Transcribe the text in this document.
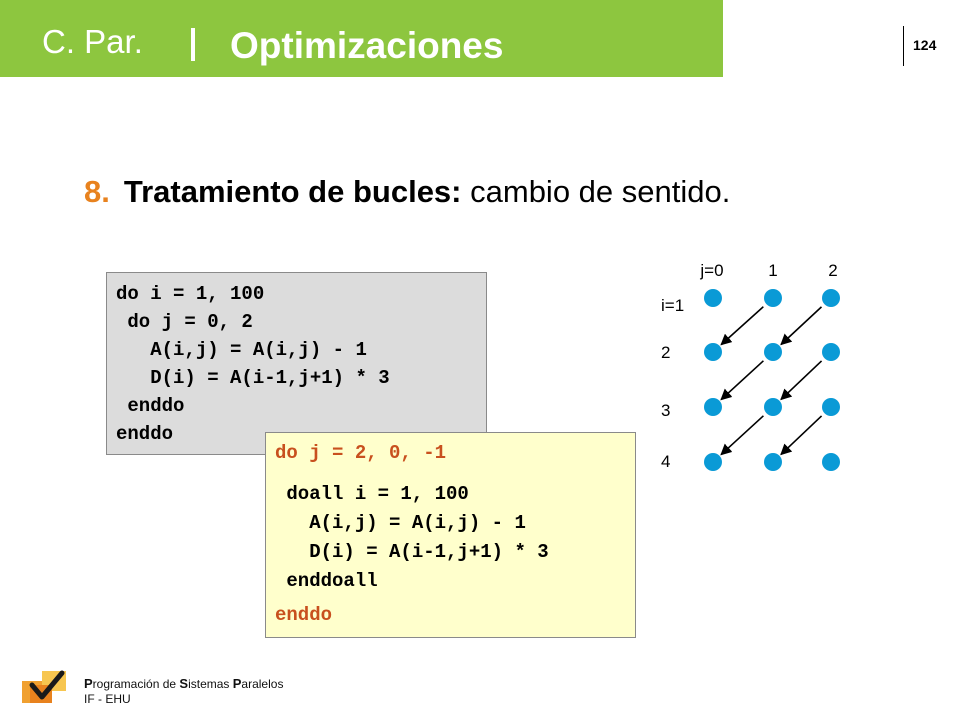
C. Par. Optimizaciones	124
8. Tratamiento de bucles: cambio de sentido.
do i = 1, 100
do j = 0, 2
A(i,j) = A(i,j) - 1
D(i) = A(i-1,j+1) * 3
enddo
enddo
do j = 2, 0, -1
doall i = 1, 100
A(i,j) = A(i,j) - 1
D(i) = A(i-1,j+1) * 3
enddoall
enddo
j=0	1	2
i=1
2
3
4
Programación de Sistemas Paralelos
IF - EHU
